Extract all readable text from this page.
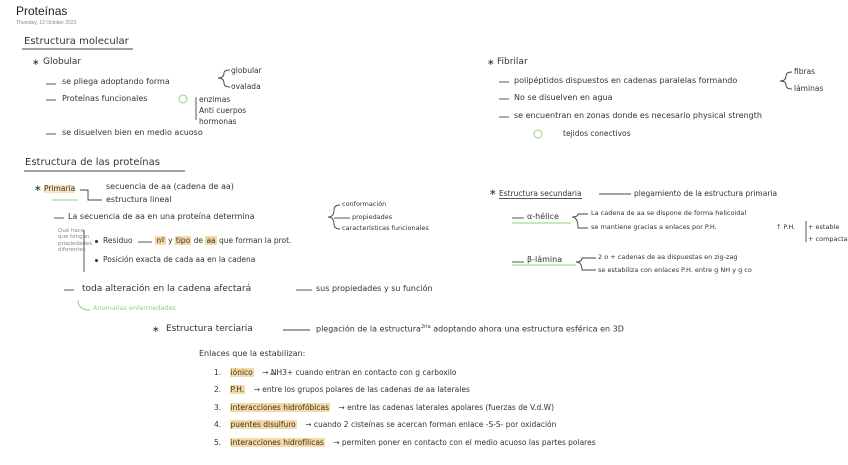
Proteínas
Thursday, 13 October 2022
Estructura molecular
∗ Globular
se pliega adoptando forma
globular
ovalada
Proteínas funcionales	enzimas
Anti cuerpos
hormonas
se disuelven bien en medio acuoso
∗ Fibrilar
polipéptidos dispuestos en cadenas paralelas formando
fibras
láminas
No se disuelven en agua
se encuentran en zonas donde es necesario physical strength
tejidos conectivos
Estructura de las proteínas
∗ Primaria	secuencia de aa (cadena de aa)
estructura lineal
La secuencia de aa en una proteína determina
conformación
propiedades
características funcionales
Qué hace
que tengan
propiedades
diferentes
Residuo	nº y tipo de aa que forman la prot.
Posición exacta de cada aa en la cadena
toda alteración en la cadena afectará	sus propiedades y su función
Anomalías enfermedades
∗ Estructura secundaria	plegamiento de la estructura primaria
α-hélice	La cadena de aa se dispone de forma helicoidal
se mantiene gracias a enlaces por P.H.	↑ P.H. + estable
+ compacta
β-lámina	2 o + cadenas de aa dispuestas en zig-zag
se estabiliza con enlaces P.H. entre g NH y g co
∗ Estructura terciaria	plegación de la estructura$^{2ria}$ adoptando ahora una estructura esférica en 3D
Enlaces que la estabilizan:
1. iónico → NH3+ cuando entran en contacto con g carboxilo
2. P.H. → entre los grupos polares de las cadenas de aa laterales
3. interacciones hidrofóbicas → entre las cadenas laterales apolares (fuerzas de V.d.W)
4. puentes disulfuro → cuando 2 cisteínas se acercan forman enlace -S-S- por oxidación
5. interacciones hidrofílicas → permiten poner en contacto con el medio acuoso las partes polares
